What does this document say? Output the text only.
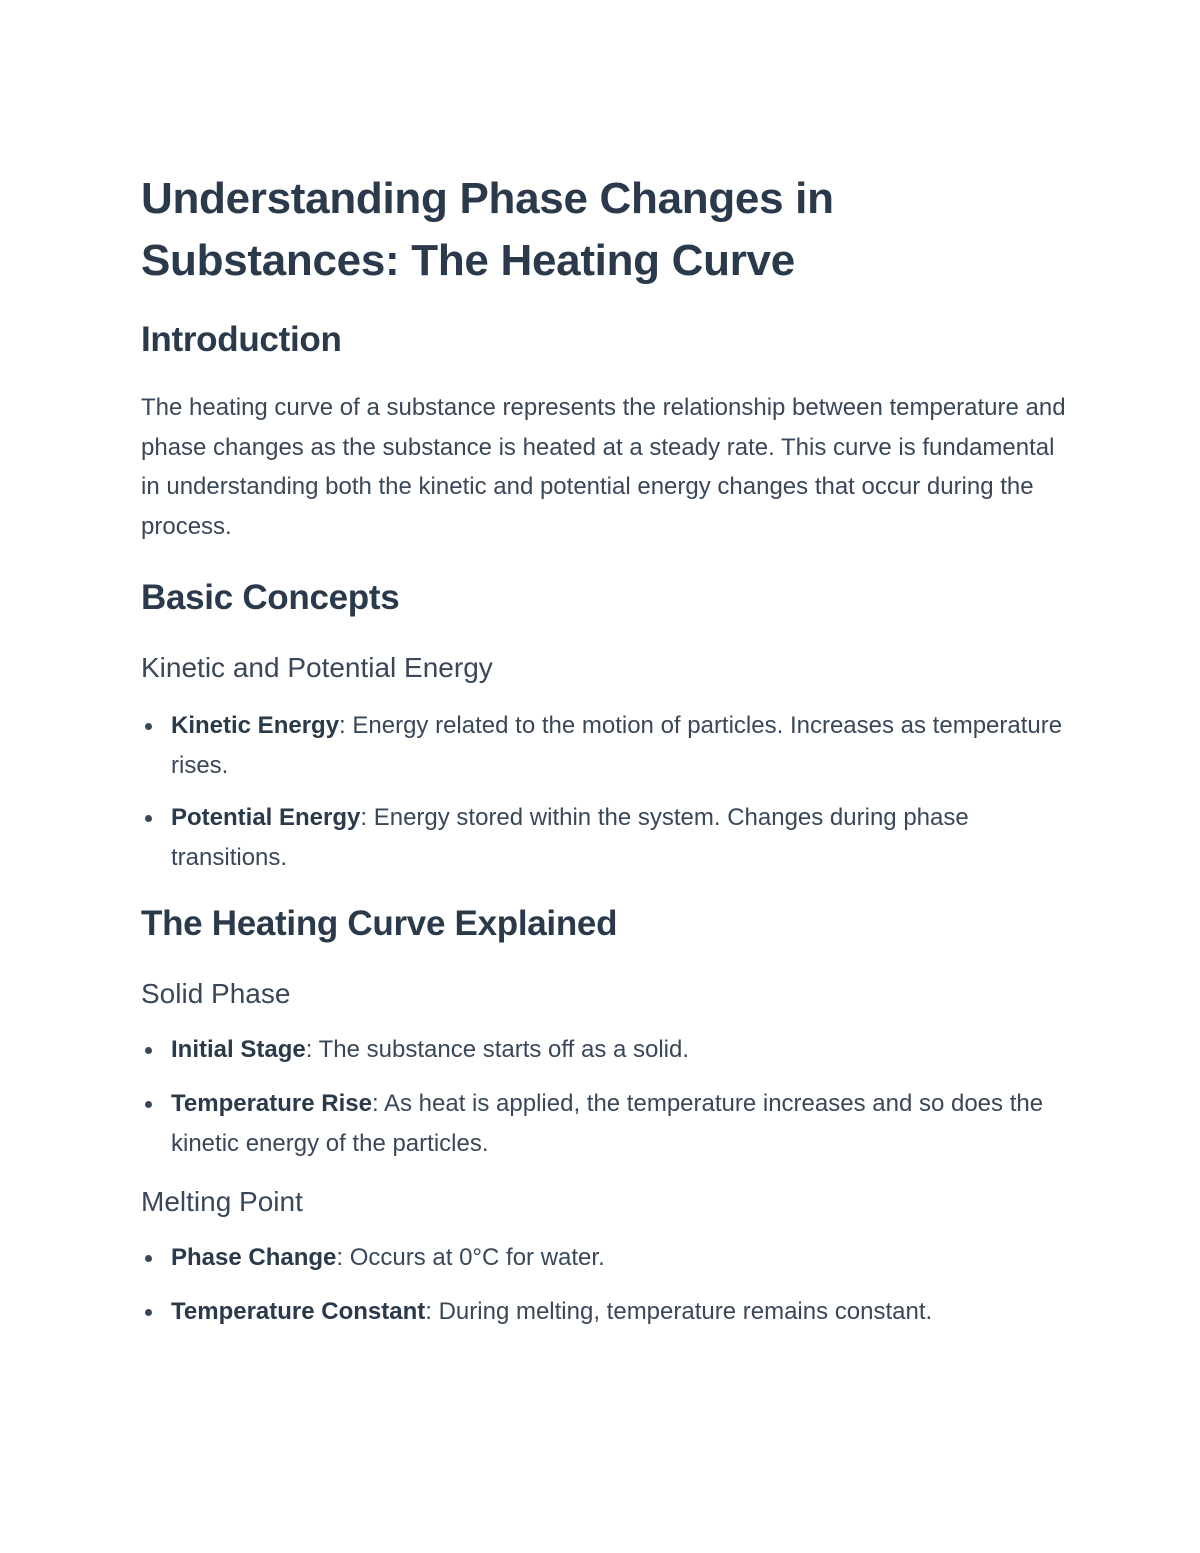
Understanding Phase Changes in Substances: The Heating Curve
Introduction

The heating curve of a substance represents the relationship between temperature and phase changes as the substance is heated at a steady rate. This curve is fundamental in understanding both the kinetic and potential energy changes that occur during the process.

Basic Concepts
Kinetic and Potential Energy
Kinetic Energy: Energy related to the motion of particles. Increases as temperature rises.
Potential Energy: Energy stored within the system. Changes during phase transitions.
The Heating Curve Explained
Solid Phase
Initial Stage: The substance starts off as a solid.
Temperature Rise: As heat is applied, the temperature increases and so does the kinetic energy of the particles.
Melting Point
Phase Change: Occurs at 0°C for water.
Temperature Constant: During melting, temperature remains constant.
